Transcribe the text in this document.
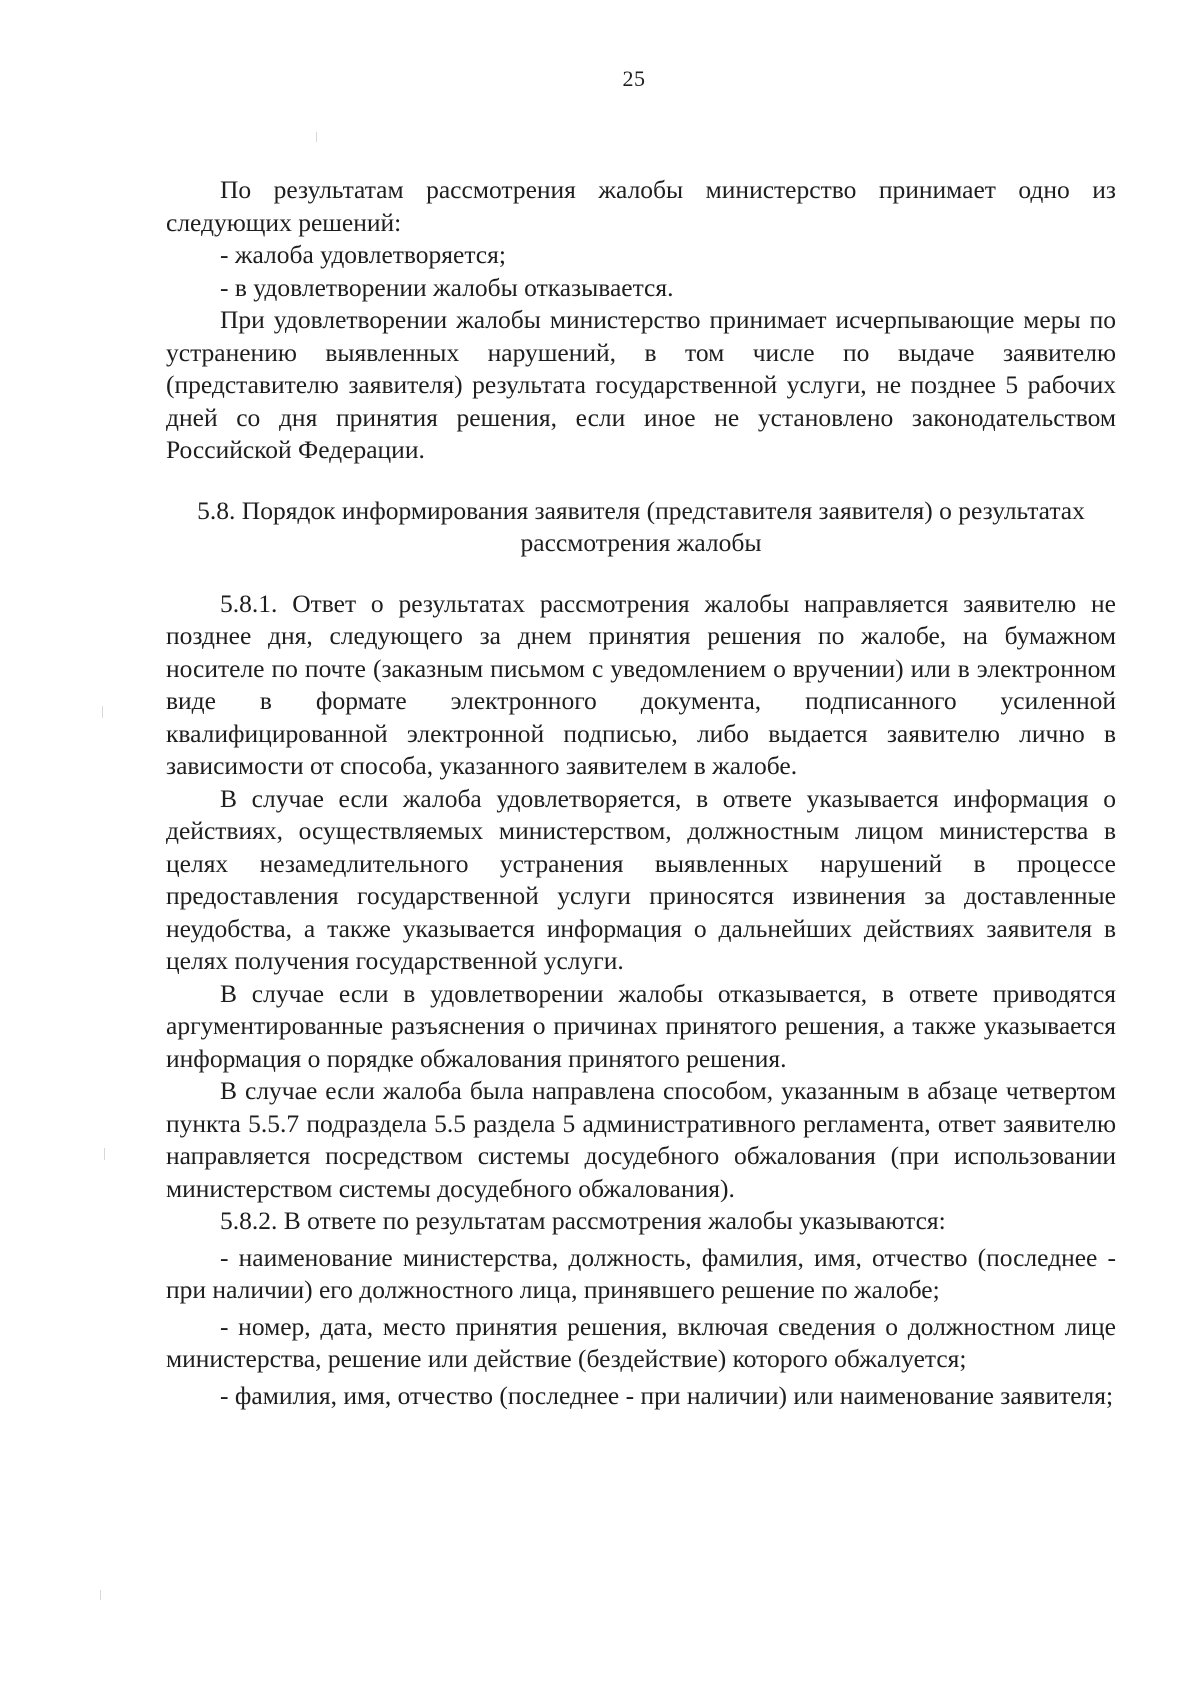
25

По результатам рассмотрения жалобы министерство принимает одно из следующих решений:

- жалоба удовлетворяется;

- в удовлетворении жалобы отказывается.

При удовлетворении жалобы министерство принимает исчерпывающие меры по устранению выявленных нарушений, в том числе по выдаче заявителю (представителю заявителя) результата государственной услуги, не позднее 5 рабочих дней со дня принятия решения, если иное не установлено законодательством Российской Федерации.

5.8. Порядок информирования заявителя (представителя заявителя) о результатах рассмотрения жалобы

5.8.1. Ответ о результатах рассмотрения жалобы направляется заявителю не позднее дня, следующего за днем принятия решения по жалобе, на бумажном носителе по почте (заказным письмом с уведомлением о вручении) или в электронном виде в формате электронного документа, подписанного усиленной квалифицированной электронной подписью, либо выдается заявителю лично в зависимости от способа, указанного заявителем в жалобе.

В случае если жалоба удовлетворяется, в ответе указывается информация о действиях, осуществляемых министерством, должностным лицом министерства в целях незамедлительного устранения выявленных нарушений в процессе предоставления государственной услуги приносятся извинения за доставленные неудобства, а также указывается информация о дальнейших действиях заявителя в целях получения государственной услуги.

В случае если в удовлетворении жалобы отказывается, в ответе приводятся аргументированные разъяснения о причинах принятого решения, а также указывается информация о порядке обжалования принятого решения.

В случае если жалоба была направлена способом, указанным в абзаце четвертом пункта 5.5.7 подраздела 5.5 раздела 5 административного регламента, ответ заявителю направляется посредством системы досудебного обжалования (при использовании министерством системы досудебного обжалования).

5.8.2. В ответе по результатам рассмотрения жалобы указываются:

- наименование министерства, должность, фамилия, имя, отчество (последнее - при наличии) его должностного лица, принявшего решение по жалобе;

- номер, дата, место принятия решения, включая сведения о должностном лице министерства, решение или действие (бездействие) которого обжалуется;

- фамилия, имя, отчество (последнее - при наличии) или наименование заявителя;
